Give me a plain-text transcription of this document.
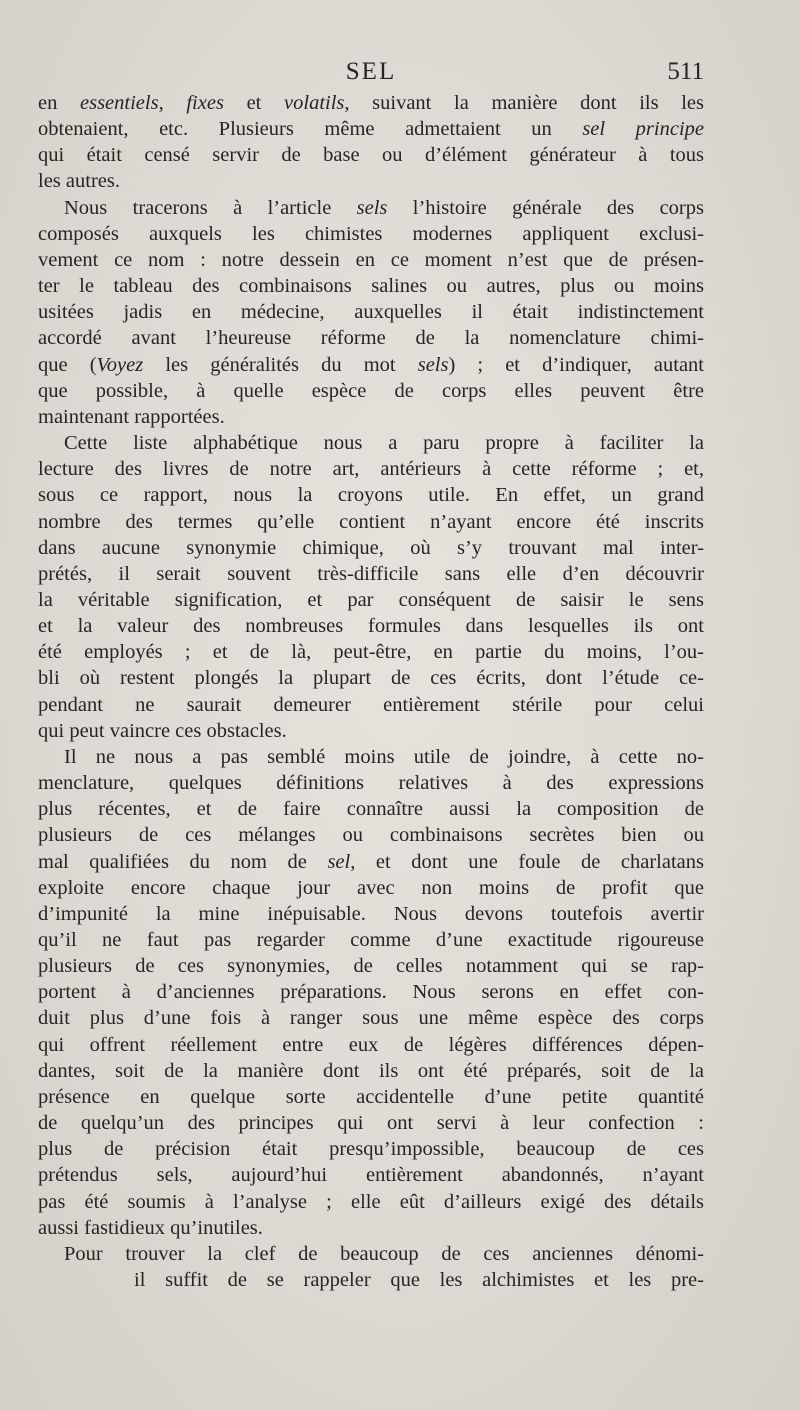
SEL	511
en essentiels, fixes et volatils, suivant la manière dont ils les
obtenaient, etc. Plusieurs même admettaient un sel principe
qui était censé servir de base ou d’élément générateur à tous
les autres.
Nous tracerons à l’article sels l’histoire générale des corps
composés auxquels les chimistes modernes appliquent exclusi-
vement ce nom : notre dessein en ce moment n’est que de présen-
ter le tableau des combinaisons salines ou autres, plus ou moins
usitées jadis en médecine, auxquelles il était indistinctement
accordé avant l’heureuse réforme de la nomenclature chimi-
que (Voyez les généralités du mot sels) ; et d’indiquer, autant
que possible, à quelle espèce de corps elles peuvent être
maintenant rapportées.
Cette liste alphabétique nous a paru propre à faciliter la
lecture des livres de notre art, antérieurs à cette réforme ; et,
sous ce rapport, nous la croyons utile. En effet, un grand
nombre des termes qu’elle contient n’ayant encore été inscrits
dans aucune synonymie chimique, où s’y trouvant mal inter-
prétés, il serait souvent très-difficile sans elle d’en découvrir
la véritable signification, et par conséquent de saisir le sens
et la valeur des nombreuses formules dans lesquelles ils ont
été employés ; et de là, peut-être, en partie du moins, l’ou-
bli où restent plongés la plupart de ces écrits, dont l’étude ce-
pendant ne saurait demeurer entièrement stérile pour celui
qui peut vaincre ces obstacles.
Il ne nous a pas semblé moins utile de joindre, à cette no-
menclature, quelques définitions relatives à des expressions
plus récentes, et de faire connaître aussi la composition de
plusieurs de ces mélanges ou combinaisons secrètes bien ou
mal qualifiées du nom de sel, et dont une foule de charlatans
exploite encore chaque jour avec non moins de profit que
d’impunité la mine inépuisable. Nous devons toutefois avertir
qu’il ne faut pas regarder comme d’une exactitude rigoureuse
plusieurs de ces synonymies, de celles notamment qui se rap-
portent à d’anciennes préparations. Nous serons en effet con-
duit plus d’une fois à ranger sous une même espèce des corps
qui offrent réellement entre eux de légères différences dépen-
dantes, soit de la manière dont ils ont été préparés, soit de la
présence en quelque sorte accidentelle d’une petite quantité
de quelqu’un des principes qui ont servi à leur confection :
plus de précision était presqu’impossible, beaucoup de ces
prétendus sels, aujourd’hui entièrement abandonnés, n’ayant
pas été soumis à l’analyse ; elle eût d’ailleurs exigé des détails
aussi fastidieux qu’inutiles.
Pour trouver la clef de beaucoup de ces anciennes dénomi-
il suffit de se rappeler que les alchimistes et les pre-
